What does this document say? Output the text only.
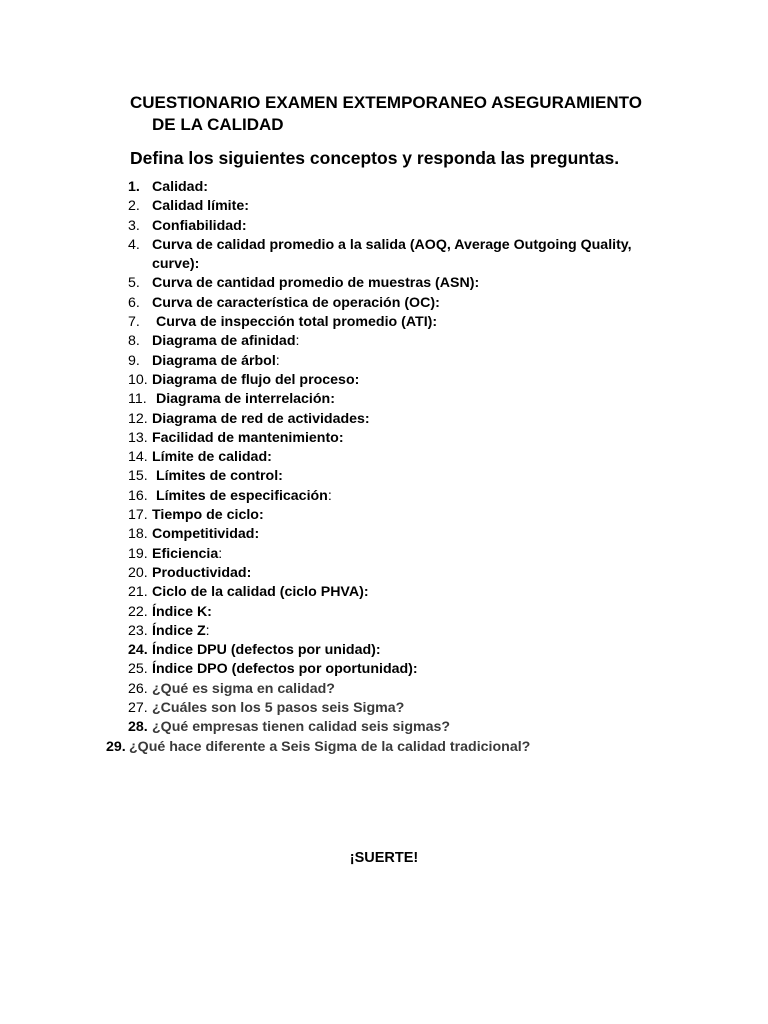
CUESTIONARIO EXAMEN EXTEMPORANEO ASEGURAMIENTO
DE LA CALIDAD
Defina los siguientes conceptos y responda las preguntas.
1. Calidad:
2. Calidad límite:
3. Confiabilidad:
4. Curva de calidad promedio a la salida (AOQ, Average Outgoing Quality, curve):
5. Curva de cantidad promedio de muestras (ASN):
6. Curva de característica de operación (OC):
7. Curva de inspección total promedio (ATI):
8. Diagrama de afinidad:
9. Diagrama de árbol:
10. Diagrama de flujo del proceso:
11. Diagrama de interrelación:
12. Diagrama de red de actividades:
13. Facilidad de mantenimiento:
14. Límite de calidad:
15. Límites de control:
16. Límites de especificación:
17. Tiempo de ciclo:
18. Competitividad:
19. Eficiencia:
20. Productividad:
21. Ciclo de la calidad (ciclo PHVA):
22. Índice K:
23. Índice Z:
24. Índice DPU (defectos por unidad):
25. Índice DPO (defectos por oportunidad):
26. ¿Qué es sigma en calidad?
27. ¿Cuáles son los 5 pasos seis Sigma?
28. ¿Qué empresas tienen calidad seis sigmas?
29. ¿Qué hace diferente a Seis Sigma de la calidad tradicional?
¡SUERTE!
